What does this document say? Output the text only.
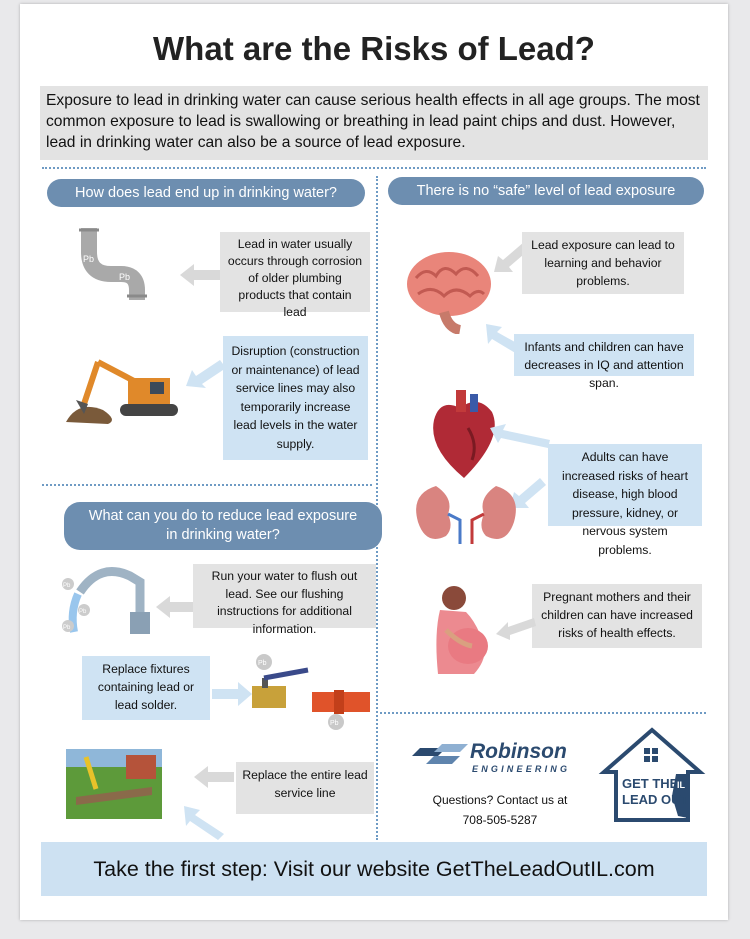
What are the Risks of Lead?
Exposure to lead in drinking water can cause serious health effects in all age groups. The most common exposure to lead is swallowing or breathing in lead paint chips and dust. However, lead in drinking water can also be a source of lead exposure.
How does lead end up in drinking water?
Pb
Pb
Lead in water usually occurs through corrosion of older plumbing products that contain lead
Disruption (construction or maintenance) of lead service lines may also temporarily increase lead levels in the water supply.
What can you do to reduce lead exposure
in drinking water?
Pb
Pb
Pb
Run your water to flush out lead. See our flushing instructions for additional information.
Replace fixtures containing lead or lead solder.
Pb
Pb
Replace the entire lead service line
There is no “safe” level of lead exposure
Lead exposure can lead to learning and behavior problems.
Infants and children can have decreases in IQ and attention span.
Adults can have increased risks of heart disease, high blood pressure, kidney, or nervous system problems.
Pregnant mothers and their children can have increased risks of health effects.
Robinson
ENGINEERING
Questions? Contact us at
708-505-5287
GET THE
LEAD OUT
IL
Take the first step: Visit our website GetTheLeadOutIL.com
